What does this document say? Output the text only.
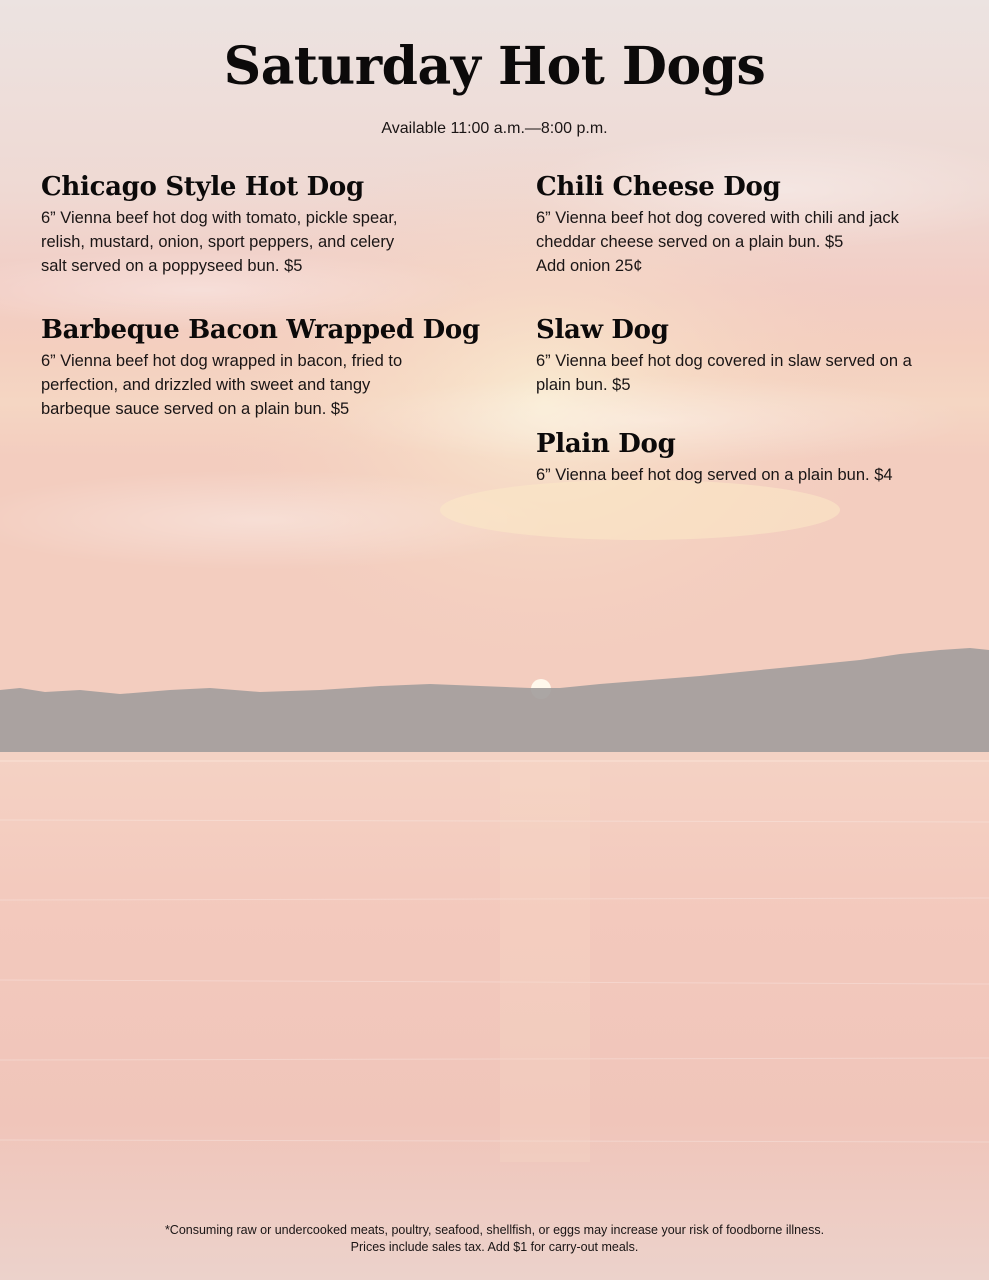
Saturday Hot Dogs
Available 11:00 a.m.—8:00 p.m.
Chicago Style Hot Dog

6” Vienna beef hot dog with tomato, pickle spear,
relish, mustard, onion, sport peppers, and celery
salt served on a poppyseed bun. $5

Barbeque Bacon Wrapped Dog

6” Vienna beef hot dog wrapped in bacon, fried to
perfection, and drizzled with sweet and tangy
barbeque sauce served on a plain bun. $5

Chili Cheese Dog

6” Vienna beef hot dog covered with chili and jack
cheddar cheese served on a plain bun. $5
Add onion 25¢

Slaw Dog

6” Vienna beef hot dog covered in slaw served on a
plain bun. $5

Plain Dog

6” Vienna beef hot dog served on a plain bun. $4

*Consuming raw or undercooked meats, poultry, seafood, shellfish, or eggs may increase your risk of foodborne illness.
Prices include sales tax. Add $1 for carry-out meals.
